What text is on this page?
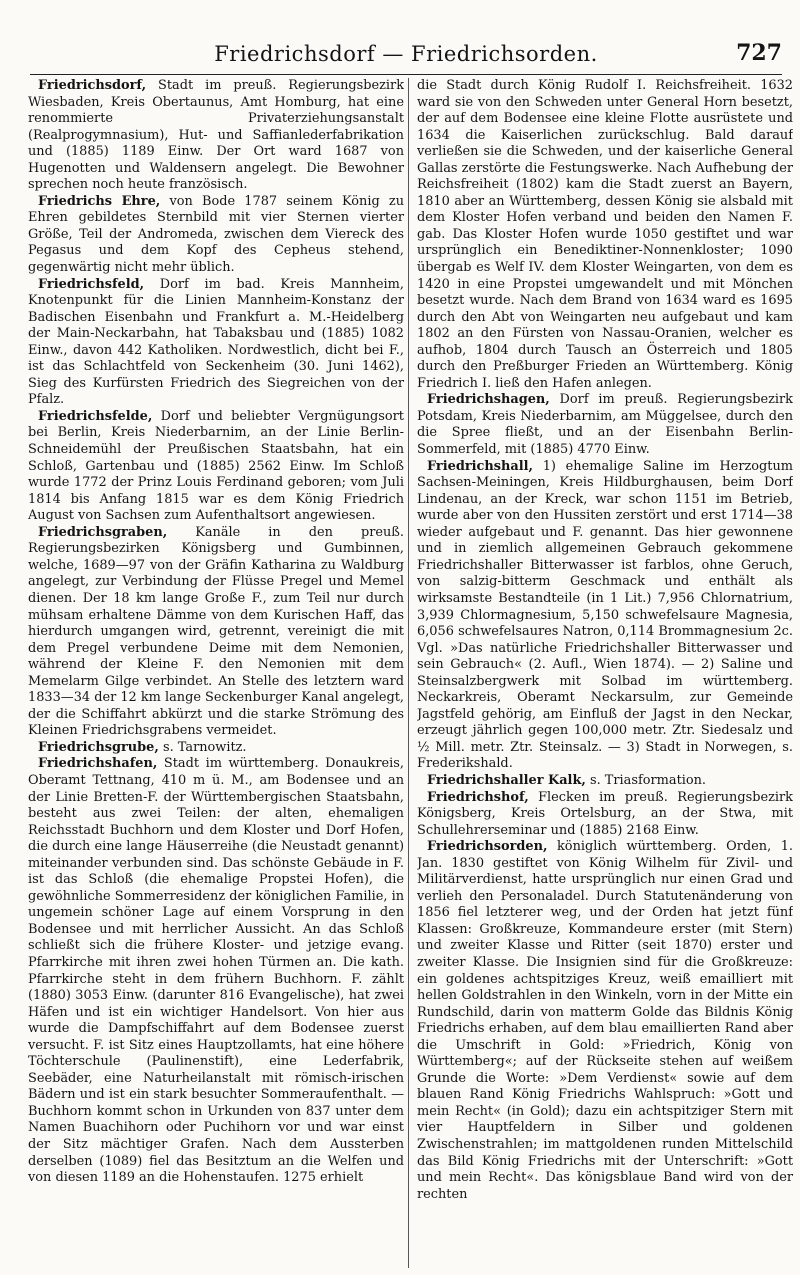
Friedrichsdorf — Friedrichsorden.	727

Friedrichsdorf, Stadt im preuß. Regierungsbezirk Wiesbaden, Kreis Obertaunus, Amt Homburg, hat eine renommierte Privaterziehungsanstalt (Realprogymnasium), Hut- und Saffianlederfabrikation und (1885) 1189 Einw. Der Ort ward 1687 von Hugenotten und Waldensern angelegt. Die Bewohner sprechen noch heute französisch.

Friedrichs Ehre, von Bode 1787 seinem König zu Ehren gebildetes Sternbild mit vier Sternen vierter Größe, Teil der Andromeda, zwischen dem Viereck des Pegasus und dem Kopf des Cepheus stehend, gegenwärtig nicht mehr üblich.

Friedrichsfeld, Dorf im bad. Kreis Mannheim, Knotenpunkt für die Linien Mannheim-Konstanz der Badischen Eisenbahn und Frankfurt a. M.-Heidelberg der Main-Neckarbahn, hat Tabaksbau und (1885) 1082 Einw., davon 442 Katholiken. Nordwestlich, dicht bei F., ist das Schlachtfeld von Seckenheim (30. Juni 1462), Sieg des Kurfürsten Friedrich des Siegreichen von der Pfalz.

Friedrichsfelde, Dorf und beliebter Vergnügungsort bei Berlin, Kreis Niederbarnim, an der Linie Berlin-Schneidemühl der Preußischen Staatsbahn, hat ein Schloß, Gartenbau und (1885) 2562 Einw. Im Schloß wurde 1772 der Prinz Louis Ferdinand geboren; vom Juli 1814 bis Anfang 1815 war es dem König Friedrich August von Sachsen zum Aufenthaltsort angewiesen.

Friedrichsgraben, Kanäle in den preuß. Regierungsbezirken Königsberg und Gumbinnen, welche, 1689—97 von der Gräfin Katharina zu Waldburg angelegt, zur Verbindung der Flüsse Pregel und Memel dienen. Der 18 km lange Große F., zum Teil nur durch mühsam erhaltene Dämme von dem Kurischen Haff, das hierdurch umgangen wird, getrennt, vereinigt die mit dem Pregel verbundene Deime mit dem Nemonien, während der Kleine F. den Nemonien mit dem Memelarm Gilge verbindet. An Stelle des letztern ward 1833—34 der 12 km lange Seckenburger Kanal angelegt, der die Schiffahrt abkürzt und die starke Strömung des Kleinen Friedrichsgrabens vermeidet.

Friedrichsgrube, s. Tarnowitz.

Friedrichshafen, Stadt im württemberg. Donaukreis, Oberamt Tettnang, 410 m ü. M., am Bodensee und an der Linie Bretten-F. der Württembergischen Staatsbahn, besteht aus zwei Teilen: der alten, ehemaligen Reichsstadt Buchhorn und dem Kloster und Dorf Hofen, die durch eine lange Häuserreihe (die Neustadt genannt) miteinander verbunden sind. Das schönste Gebäude in F. ist das Schloß (die ehemalige Propstei Hofen), die gewöhnliche Sommerresidenz der königlichen Familie, in ungemein schöner Lage auf einem Vorsprung in den Bodensee und mit herrlicher Aussicht. An das Schloß schließt sich die frühere Kloster- und jetzige evang. Pfarrkirche mit ihren zwei hohen Türmen an. Die kath. Pfarrkirche steht in dem frühern Buchhorn. F. zählt (1880) 3053 Einw. (darunter 816 Evangelische), hat zwei Häfen und ist ein wichtiger Handelsort. Von hier aus wurde die Dampfschiffahrt auf dem Bodensee zuerst versucht. F. ist Sitz eines Hauptzollamts, hat eine höhere Töchterschule (Paulinenstift), eine Lederfabrik, Seebäder, eine Naturheilanstalt mit römisch-irischen Bädern und ist ein stark besuchter Sommeraufenthalt. — Buchhorn kommt schon in Urkunden von 837 unter dem Namen Buachihorn oder Puchihorn vor und war einst der Sitz mächtiger Grafen. Nach dem Aussterben derselben (1089) fiel das Besitztum an die Welfen und von diesen 1189 an die Hohenstaufen. 1275 erhielt

die Stadt durch König Rudolf I. Reichsfreiheit. 1632 ward sie von den Schweden unter General Horn besetzt, der auf dem Bodensee eine kleine Flotte ausrüstete und 1634 die Kaiserlichen zurückschlug. Bald darauf verließen sie die Schweden, und der kaiserliche General Gallas zerstörte die Festungswerke. Nach Aufhebung der Reichsfreiheit (1802) kam die Stadt zuerst an Bayern, 1810 aber an Württemberg, dessen König sie alsbald mit dem Kloster Hofen verband und beiden den Namen F. gab. Das Kloster Hofen wurde 1050 gestiftet und war ursprünglich ein Benediktiner-Nonnenkloster; 1090 übergab es Welf IV. dem Kloster Weingarten, von dem es 1420 in eine Propstei umgewandelt und mit Mönchen besetzt wurde. Nach dem Brand von 1634 ward es 1695 durch den Abt von Weingarten neu aufgebaut und kam 1802 an den Fürsten von Nassau-Oranien, welcher es aufhob, 1804 durch Tausch an Österreich und 1805 durch den Preßburger Frieden an Württemberg. König Friedrich I. ließ den Hafen anlegen.

Friedrichshagen, Dorf im preuß. Regierungsbezirk Potsdam, Kreis Niederbarnim, am Müggelsee, durch den die Spree fließt, und an der Eisenbahn Berlin-Sommerfeld, mit (1885) 4770 Einw.

Friedrichshall, 1) ehemalige Saline im Herzogtum Sachsen-Meiningen, Kreis Hildburghausen, beim Dorf Lindenau, an der Kreck, war schon 1151 im Betrieb, wurde aber von den Hussiten zerstört und erst 1714—38 wieder aufgebaut und F. genannt. Das hier gewonnene und in ziemlich allgemeinen Gebrauch gekommene Friedrichshaller Bitterwasser ist farblos, ohne Geruch, von salzig-bitterm Geschmack und enthält als wirksamste Bestandteile (in 1 Lit.) 7,956 Chlornatrium, 3,939 Chlormagnesium, 5,150 schwefelsaure Magnesia, 6,056 schwefelsaures Natron, 0,114 Brommagnesium 2c. Vgl. »Das natürliche Friedrichshaller Bitterwasser und sein Gebrauch« (2. Aufl., Wien 1874). — 2) Saline und Steinsalzbergwerk mit Solbad im württemberg. Neckarkreis, Oberamt Neckarsulm, zur Gemeinde Jagstfeld gehörig, am Einfluß der Jagst in den Neckar, erzeugt jährlich gegen 100,000 metr. Ztr. Siedesalz und ½ Mill. metr. Ztr. Steinsalz. — 3) Stadt in Norwegen, s. Frederikshald.

Friedrichshaller Kalk, s. Triasformation.

Friedrichshof, Flecken im preuß. Regierungsbezirk Königsberg, Kreis Ortelsburg, an der Stwa, mit Schullehrerseminar und (1885) 2168 Einw.

Friedrichsorden, königlich württemberg. Orden, 1. Jan. 1830 gestiftet von König Wilhelm für Zivil- und Militärverdienst, hatte ursprünglich nur einen Grad und verlieh den Personaladel. Durch Statutenänderung von 1856 fiel letzterer weg, und der Orden hat jetzt fünf Klassen: Großkreuze, Kommandeure erster (mit Stern) und zweiter Klasse und Ritter (seit 1870) erster und zweiter Klasse. Die Insignien sind für die Großkreuze: ein goldenes achtspitziges Kreuz, weiß emailliert mit hellen Goldstrahlen in den Winkeln, vorn in der Mitte ein Rundschild, darin von matterm Golde das Bildnis König Friedrichs erhaben, auf dem blau emaillierten Rand aber die Umschrift in Gold: »Friedrich, König von Württemberg«; auf der Rückseite stehen auf weißem Grunde die Worte: »Dem Verdienst« sowie auf dem blauen Rand König Friedrichs Wahlspruch: »Gott und mein Recht« (in Gold); dazu ein achtspitziger Stern mit vier Hauptfeldern in Silber und goldenen Zwischenstrahlen; im mattgoldenen runden Mittelschild das Bild König Friedrichs mit der Unterschrift: »Gott und mein Recht«. Das königsblaue Band wird von der rechten
